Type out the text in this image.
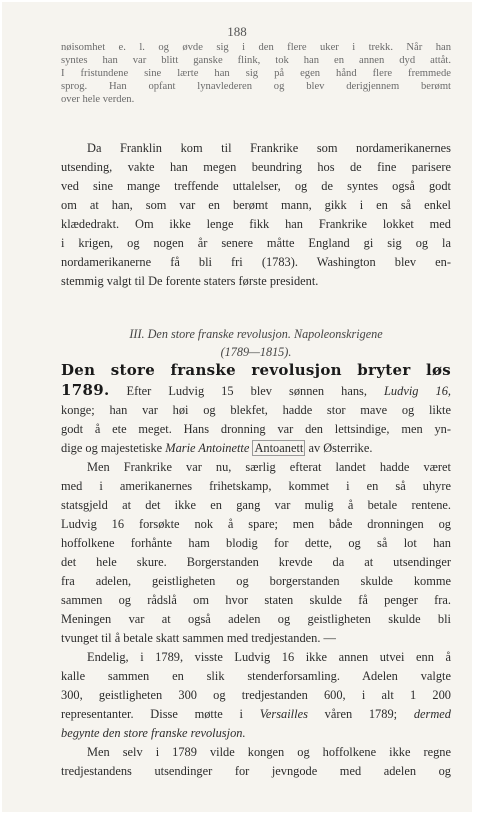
188
nøisomhet e. l. og øvde sig i den flere uker i trekk. Når han
syntes han var blitt ganske flink, tok han en annen dyd attåt.
I fristundene sine lærte han sig på egen hånd flere fremmede
sprog. Han opfant lynavlederen og blev derigjennem berømt
over hele verden.
Da Franklin kom til Frankrike som nordamerikanernes
utsending, vakte han megen beundring hos de fine parisere
ved sine mange treffende uttalelser, og de syntes også godt
om at han, som var en berømt mann, gikk i en så enkel
klædedrakt. Om ikke lenge fikk han Frankrike lokket med
i krigen, og nogen år senere måtte England gi sig og la
nordamerikanerne få bli fri (1783). Washington blev en-
stemmig valgt til De forente staters første president.
III. Den store franske revolusjon. Napoleonskrigene
(1789—1815).
Den store franske revolusjon bryter løs
1789. Efter Ludvig 15 blev sønnen hans, Ludvig 16,
konge; han var høi og blekfet, hadde stor mave og likte
godt å ete meget. Hans dronning var den lettsindige, men yn-
dige og majestetiske Marie Antoinette Antoanett av Østerrike.
Men Frankrike var nu, særlig efterat landet hadde været
med i amerikanernes frihetskamp, kommet i en så uhyre
statsgjeld at det ikke en gang var mulig å betale rentene.
Ludvig 16 forsøkte nok å spare; men både dronningen og
hoffolkene forhånte ham blodig for dette, og så lot han
det hele skure. Borgerstanden krevde da at utsendinger
fra adelen, geistligheten og borgerstanden skulde komme
sammen og rådslå om hvor staten skulde få penger fra.
Meningen var at også adelen og geistligheten skulde bli
tvunget til å betale skatt sammen med tredjestanden. —
Endelig, i 1789, visste Ludvig 16 ikke annen utvei enn å
kalle sammen en slik stenderforsamling. Adelen valgte
300, geistligheten 300 og tredjestanden 600, i alt 1 200
representanter. Disse møtte i Versailles våren 1789; dermed
begynte den store franske revolusjon.
Men selv i 1789 vilde kongen og hoffolkene ikke regne
tredjestandens utsendinger for jevngode med adelen og
